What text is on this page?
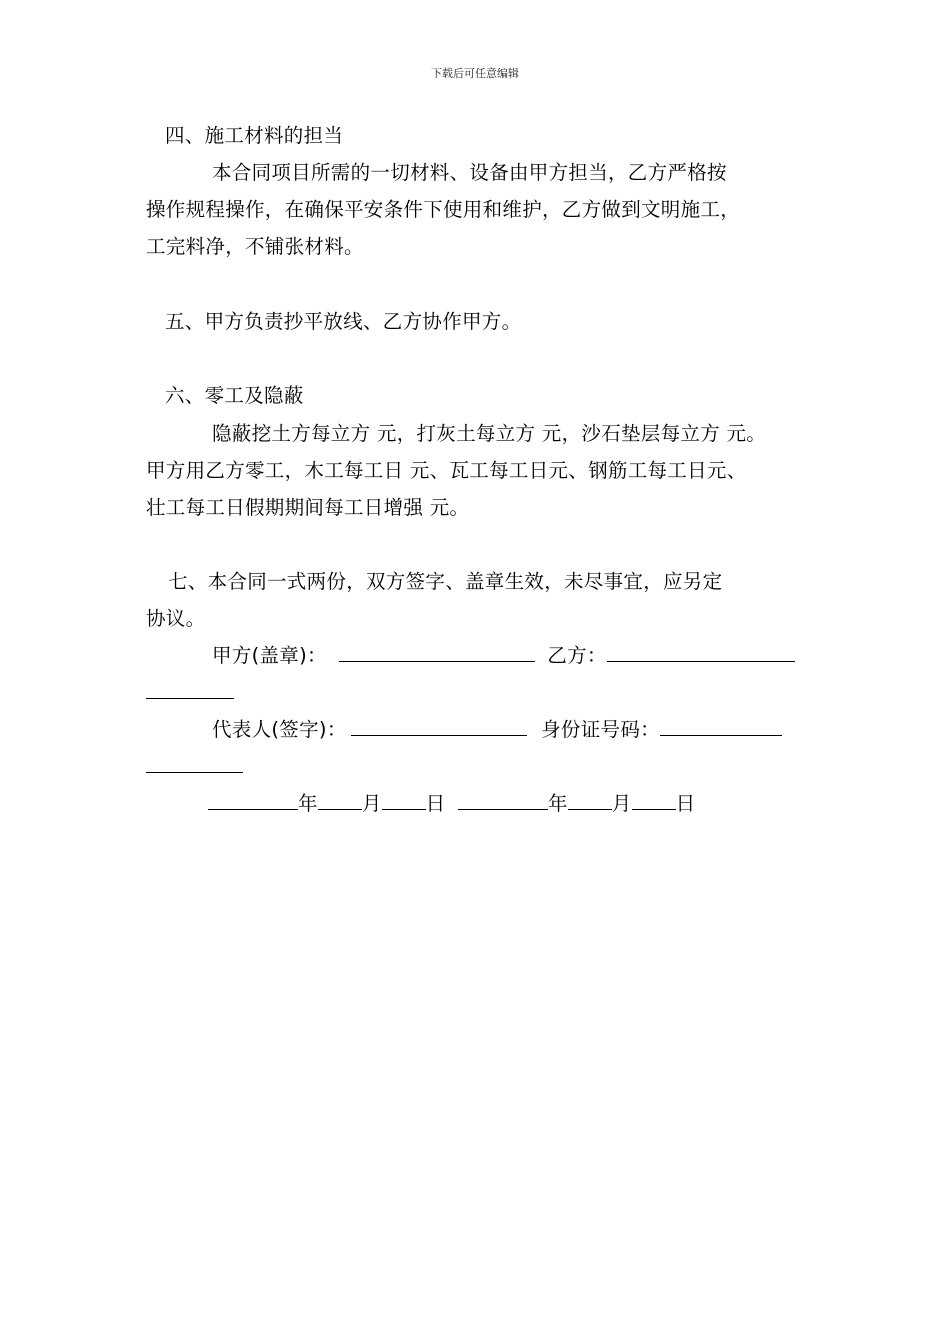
下载后可任意编辑
四、施工材料的担当
本合同项目所需的一切材料、设备由甲方担当，乙方严格按
操作规程操作，在确保平安条件下使用和维护，乙方做到文明施工，
工完料净，不铺张材料。
五、甲方负责抄平放线、乙方协作甲方。
六、零工及隐蔽
隐蔽挖土方每立方 元，打灰土每立方 元，沙石垫层每立方 元。
甲方用乙方零工，木工每工日 元、瓦工每工日元、钢筋工每工日元、
壮工每工日假期期间每工日增强 元。
七、本合同一式两份，双方签字、盖章生效，未尽事宜，应另定
协议。
甲方(盖章)：	乙方：
代表人(签字)：	身份证号码：
年 月 日	年 月 日
